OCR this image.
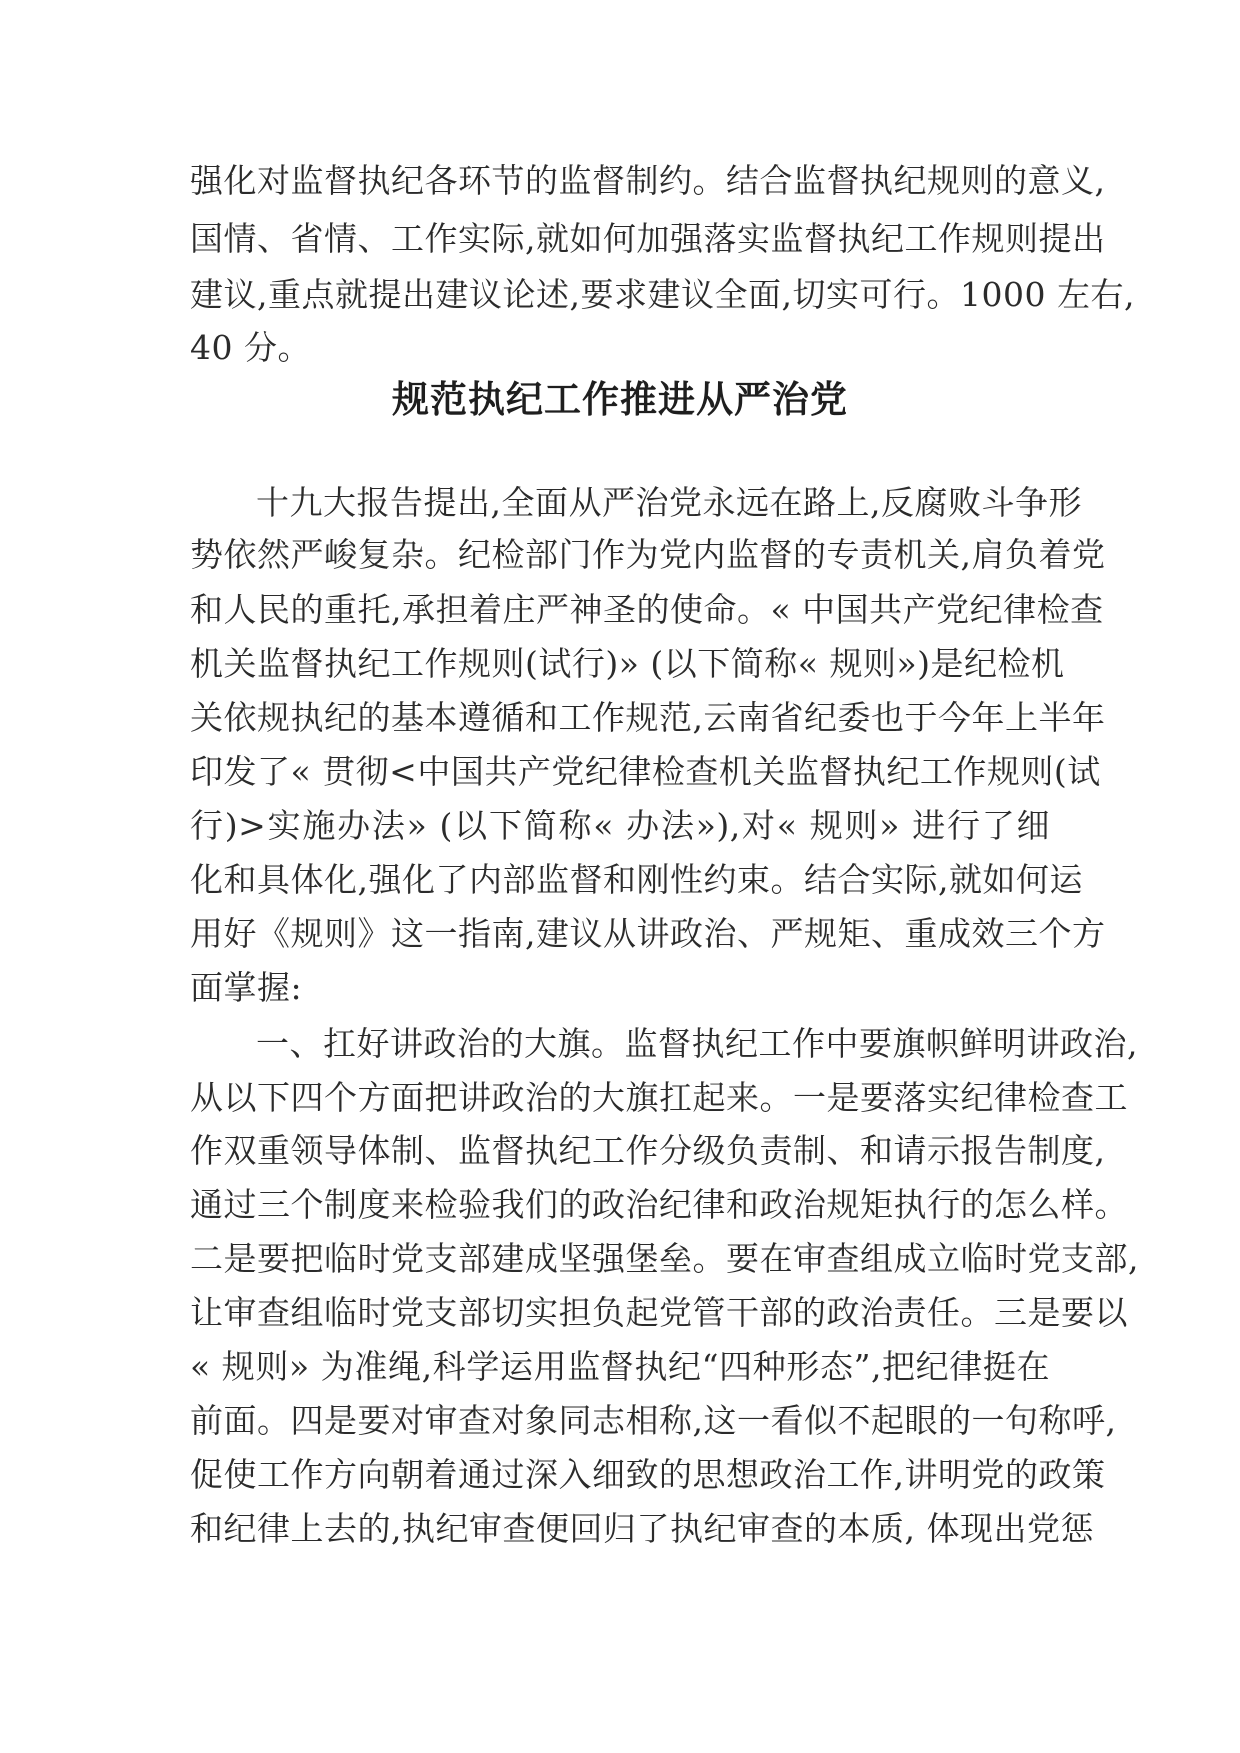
强化对监督执纪各环节的监督制约。结合监督执纪规则的意义,
国情、省情、工作实际,就如何加强落实监督执纪工作规则提出
建议,重点就提出建议论述,要求建议全面,切实可行。1000 左右,
40 分。
规范执纪工作推进从严治党
十九大报告提出,全面从严治党永远在路上,反腐败斗争形
势依然严峻复杂。纪检部门作为党内监督的专责机关,肩负着党
和人民的重托,承担着庄严神圣的使命。« 中国共产党纪律检查
机关监督执纪工作规则(试行)» (以下简称« 规则»)是纪检机
关依规执纪的基本遵循和工作规范,云南省纪委也于今年上半年
印发了« 贯彻<中国共产党纪律检查机关监督执纪工作规则(试
行)>实施办法» (以下简称« 办法»),对« 规则» 进行了细
化和具体化,强化了内部监督和刚性约束。结合实际,就如何运
用好《规则》这一指南,建议从讲政治、严规矩、重成效三个方
面掌握:
一、扛好讲政治的大旗。监督执纪工作中要旗帜鲜明讲政治,
从以下四个方面把讲政治的大旗扛起来。一是要落实纪律检查工
作双重领导体制、监督执纪工作分级负责制、和请示报告制度,
通过三个制度来检验我们的政治纪律和政治规矩执行的怎么样。
二是要把临时党支部建成坚强堡垒。要在审查组成立临时党支部,
让审查组临时党支部切实担负起党管干部的政治责任。三是要以
« 规则» 为准绳,科学运用监督执纪“四种形态”,把纪律挺在
前面。四是要对审查对象同志相称,这一看似不起眼的一句称呼,
促使工作方向朝着通过深入细致的思想政治工作,讲明党的政策
和纪律上去的,执纪审查便回归了执纪审查的本质, 体现出党惩
